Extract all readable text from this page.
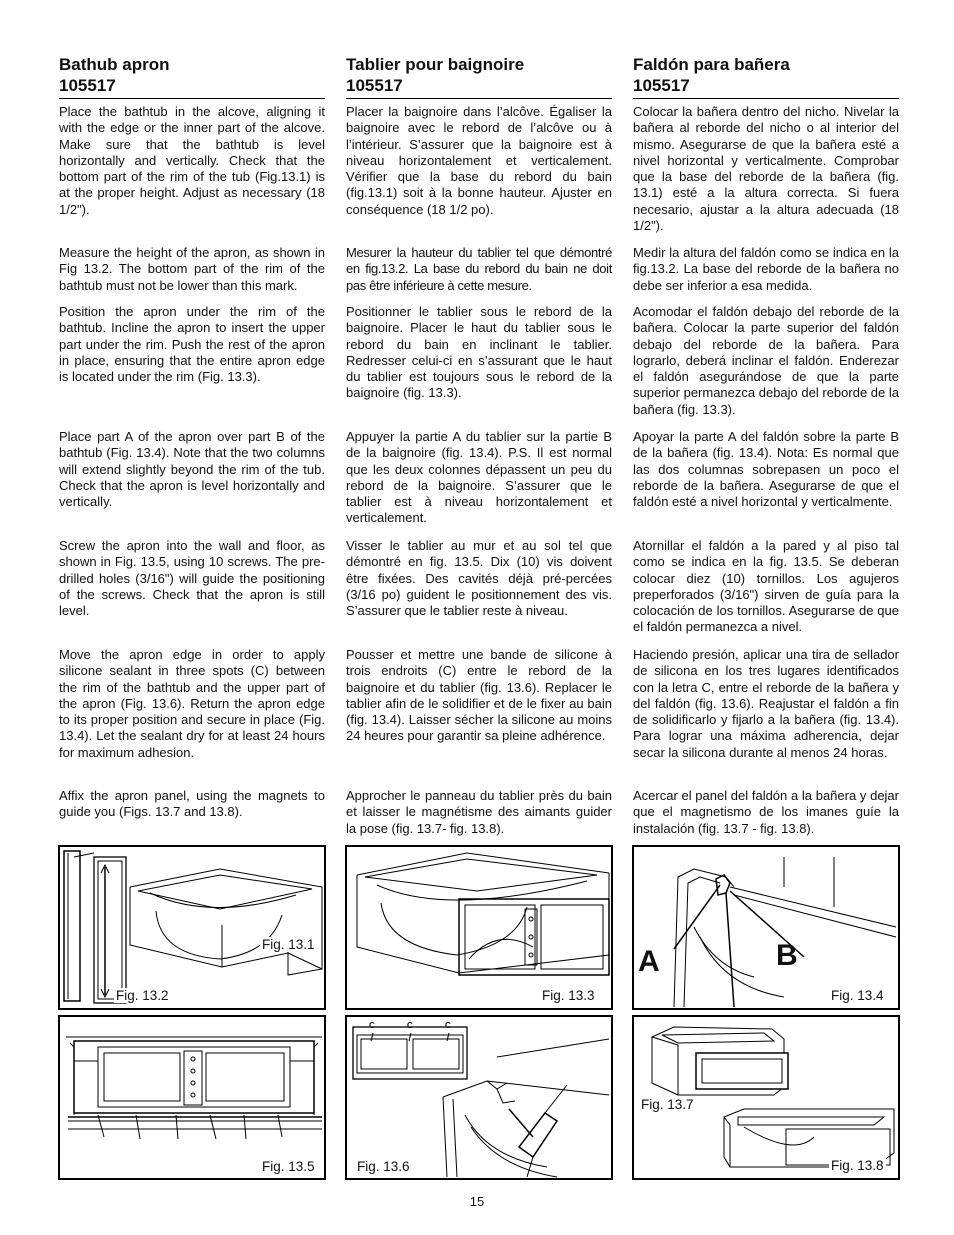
Bathub apron
105517
Place the bathtub in the alcove, aligning it with the edge or the inner part of the alcove. Make sure that the bathtub is level horizontally and vertically. Check that the bottom part of the rim of the tub (Fig.13.1) is at the proper height. Adjust as necessary (18 1/2").
Measure the height of the apron, as shown in Fig 13.2. The bottom part of the rim of the bathtub must not be lower than this mark.
Position the apron under the rim of the bathtub. Incline the apron to insert the upper part under the rim. Push the rest of the apron in place, ensuring that the entire apron edge is located under the rim (Fig. 13.3).
Place part A of the apron over part B of the bathtub (Fig. 13.4). Note that the two columns will extend slightly beyond the rim of the tub. Check that the apron is level horizontally and vertically.
Screw the apron into the wall and floor, as shown in Fig. 13.5, using 10 screws. The pre-drilled holes (3/16") will guide the positioning of the screws. Check that the apron is still level.
Move the apron edge in order to apply silicone sealant in three spots (C) between the rim of the bathtub and the upper part of the apron (Fig. 13.6). Return the apron edge to its proper position and secure in place (Fig. 13.4). Let the sealant dry for at least 24 hours for maximum adhesion.
Affix the apron panel, using the magnets to guide you (Figs. 13.7 and 13.8).
Tablier pour baignoire
105517
Placer la baignoire dans l’alcôve. Égaliser la baignoire avec le rebord de l’alcôve ou à l’intérieur. S’assurer que la baignoire est à niveau horizontalement et verticalement. Vérifier que la base du rebord du bain (fig.13.1) soit à la bonne hauteur. Ajuster en conséquence (18 1/2 po).
Mesurer la hauteur du tablier tel que démontré en fig.13.2. La base du rebord du bain ne doit pas être inférieure à cette mesure.
Positionner le tablier sous le rebord de la baignoire. Placer le haut du tablier sous le rebord du bain en inclinant le tablier. Redresser celui-ci en s’assurant que le haut du tablier est toujours sous le rebord de la baignoire (fig. 13.3).
Appuyer la partie A du tablier sur la partie B de la baignoire (fig. 13.4). P.S. Il est normal que les deux colonnes dépassent un peu du rebord de la baignoire. S’assurer que le tablier est à niveau horizontalement et verticalement.
Visser le tablier au mur et au sol tel que démontré en fig. 13.5. Dix (10) vis doivent être fixées. Des cavités déjà pré-percées (3/16 po) guident le positionnement des vis. S’assurer que le tablier reste à niveau.
Pousser et mettre une bande de silicone à trois endroits (C) entre le rebord de la baignoire et du tablier (fig. 13.6). Replacer le tablier afin de le solidifier et de le fixer au bain (fig. 13.4). Laisser sécher la silicone au moins 24 heures pour garantir sa pleine adhérence.
Approcher le panneau du tablier près du bain et laisser le magnétisme des aimants guider la pose (fig. 13.7- fig. 13.8).
Faldón para bañera
105517
Colocar la bañera dentro del nicho. Nivelar la bañera al reborde del nicho o al interior del mismo. Asegurarse de que la bañera esté a nivel horizontal y verticalmente. Comprobar que la base del reborde de la bañera (fig. 13.1) esté a la altura correcta. Si fuera necesario, ajustar a la altura adecuada (18 1/2").
Medir la altura del faldón como se indica en la fig.13.2. La base del reborde de la bañera no debe ser inferior a esa medida.
Acomodar el faldón debajo del reborde de la bañera. Colocar la parte superior del faldón debajo del reborde de la bañera. Para lograrlo, deberá inclinar el faldón. Enderezar el faldón asegurándose de que la parte superior permanezca debajo del reborde de la bañera (fig. 13.3).
Apoyar la parte A del faldón sobre la parte B de la bañera (fig. 13.4). Nota: Es normal que las dos columnas sobrepasen un poco el reborde de la bañera. Asegurarse de que el faldón esté a nivel horizontal y verticalmente.
Atornillar el faldón a la pared y al piso tal como se indica en la fig. 13.5. Se deberan colocar diez (10) tornillos. Los agujeros preperforados (3/16") sirven de guía para la colocación de los tornillos. Asegurarse de que el faldón permanezca a nivel.
Haciendo presión, aplicar una tira de sellador de silicona en los tres lugares identificados con la letra C, entre el reborde de la bañera y del faldón (fig. 13.6). Reajustar el faldón a fin de solidificarlo y fijarlo a la bañera (fig. 13.4). Para lograr una máxima adherencia, dejar secar la silicona durante al menos 24 horas.
Acercar el panel del faldón a la bañera y dejar que el magnetismo de los imanes guíe la instalación (fig. 13.7 - fig. 13.8).
Fig. 13.1
Fig. 13.2	Fig. 13.3
A	B
Fig. 13.4
Fig. 13.5
C	C	C
Fig. 13.6
Fig. 13.7
Fig. 13.8
15
